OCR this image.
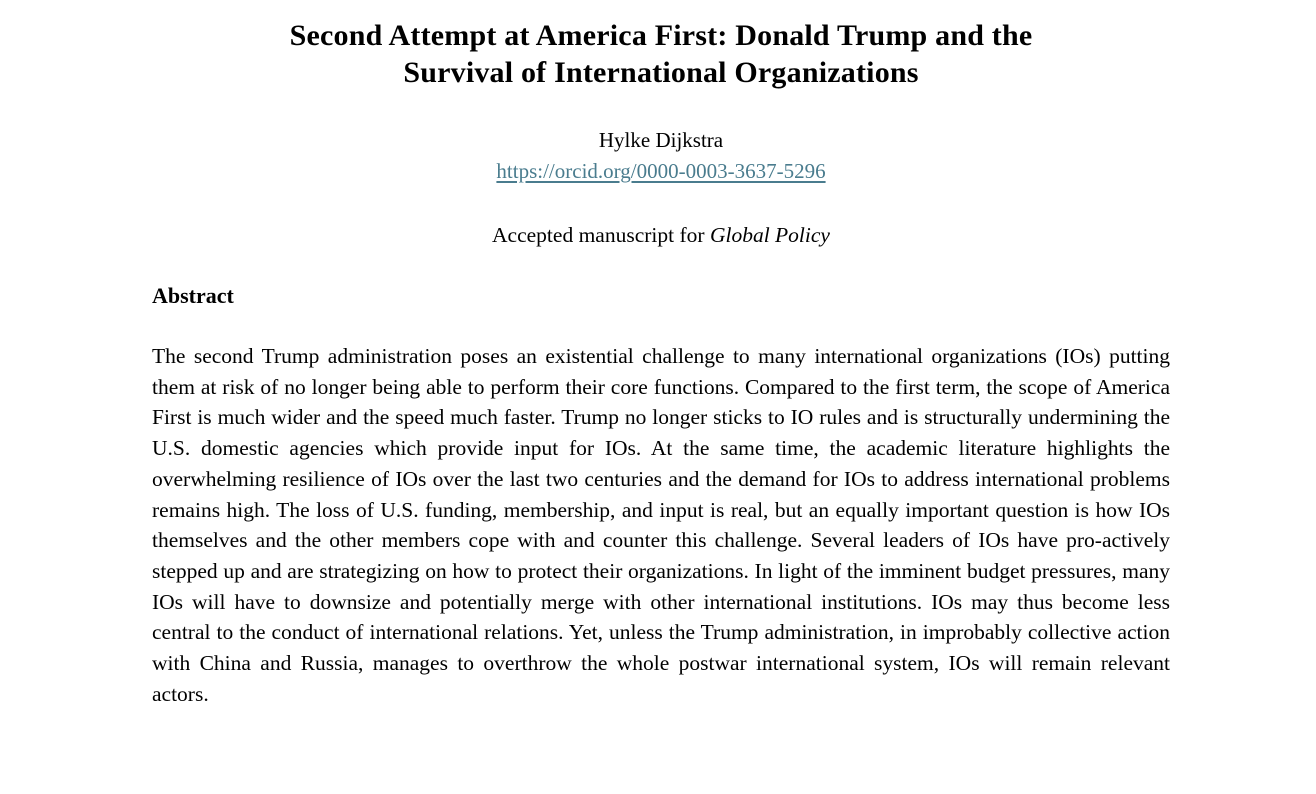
Second Attempt at America First: Donald Trump and the
Survival of International Organizations
Hylke Dijkstra
https://orcid.org/0000-0003-3637-5296
Accepted manuscript for Global Policy
Abstract

The second Trump administration poses an existential challenge to many international organizations (IOs) putting them at risk of no longer being able to perform their core functions. Compared to the first term, the scope of America First is much wider and the speed much faster. Trump no longer sticks to IO rules and is structurally undermining the U.S. domestic agencies which provide input for IOs. At the same time, the academic literature highlights the overwhelming resilience of IOs over the last two centuries and the demand for IOs to address international problems remains high. The loss of U.S. funding, membership, and input is real, but an equally important question is how IOs themselves and the other members cope with and counter this challenge. Several leaders of IOs have pro-actively stepped up and are strategizing on how to protect their organizations. In light of the imminent budget pressures, many IOs will have to downsize and potentially merge with other international institutions. IOs may thus become less central to the conduct of international relations. Yet, unless the Trump administration, in improbably collective action with China and Russia, manages to overthrow the whole postwar international system, IOs will remain relevant actors.
